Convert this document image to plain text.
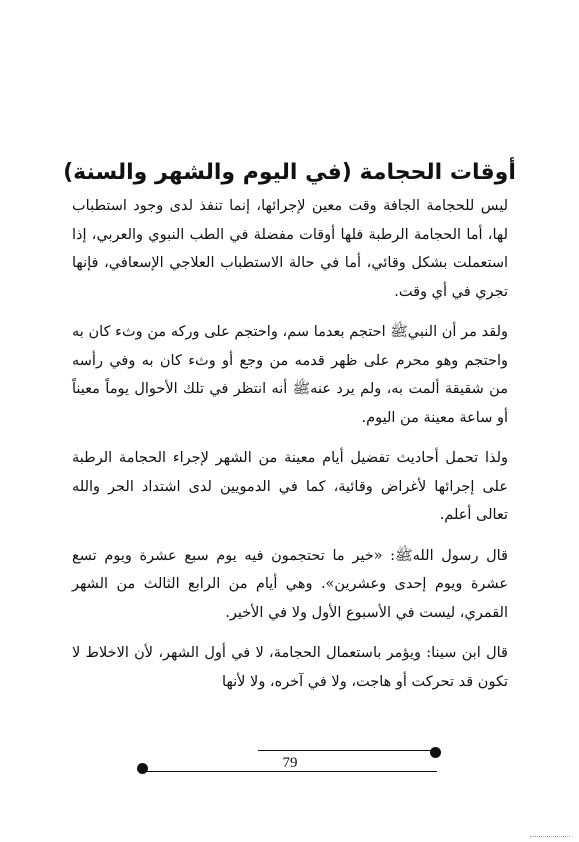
أوقات الحجامة (في اليوم والشهر والسنة)

ليس للحجامة الجافة وقت معين لإجرائها، إنما تنفذ لدى وجود استطباب لها، أما الحجامة الرطبة فلها أوقات مفضلة في الطب النبوي والعربي، إذا استعملت بشكل وقائي، أما في حالة الاستطباب العلاجي الإسعافي، فإنها تجري في أي وقت.

ولقد مر أن النبيﷺ احتجم بعدما سم، واحتجم على وركه من وثء كان به واحتجم وهو محرم على ظهر قدمه من وجع أو وثء كان به وفي رأسه من شقيقة ألمت به، ولم يرد عنهﷺ أنه انتظر في تلك الأحوال يوماً معيناً أو ساعة معينة من اليوم.

ولذا تحمل أحاديث تفضيل أيام معينة من الشهر لإجراء الحجامة الرطبة على إجرائها لأغراض وقائية، كما في الدمويين لدى اشتداد الحر والله تعالى أعلم.

قال رسول اللهﷺ: «خير ما تحتجمون فيه يوم سبع عشرة ويوم تسع عشرة ويوم إحدى وعشرين». وهي أيام من الرابع الثالث من الشهر القمري، ليست في الأسبوع الأول ولا في الأخير.

قال ابن سينا: ويؤمر باستعمال الحجامة، لا في أول الشهر، لأن الاخلاط لا تكون قد تحركت أو هاجت، ولا في آخره، ولا لأنها

79
